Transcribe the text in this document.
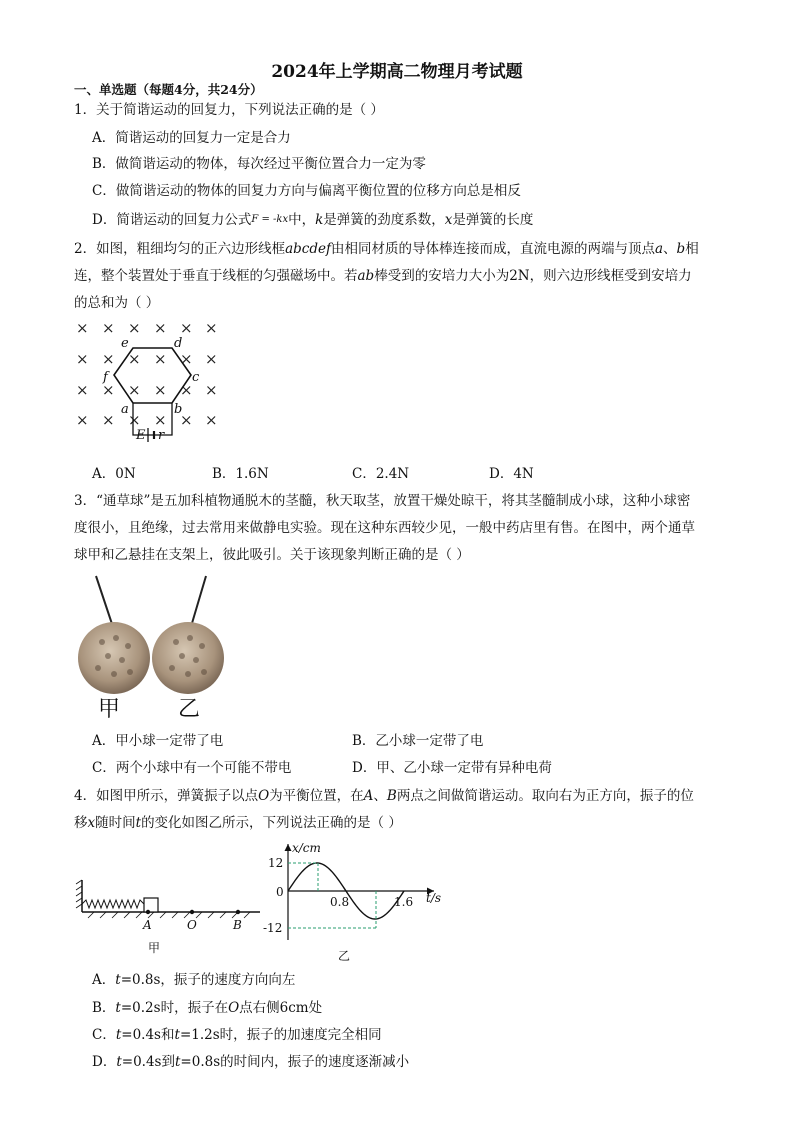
2024年上学期高二物理月考试题
一、单选题（每题4分，共24分）
1．关于简谐运动的回复力，下列说法正确的是（ ）
A．简谐运动的回复力一定是合力
B．做简谐运动的物体，每次经过平衡位置合力一定为零
C．做简谐运动的物体的回复力方向与偏离平衡位置的位移方向总是相反
D．简谐运动的回复力公式F = -kx中，k是弹簧的劲度系数，x是弹簧的长度
2．如图，粗细均匀的正六边形线框abcdef由相同材质的导体棒连接而成，直流电源的两端与顶点a、b相
连，整个装置处于垂直于线框的匀强磁场中。若ab棒受到的安培力大小为2N，则六边形线框受到安培力
的总和为（ ）
× × × × × ×
× × × × × ×
× × × × × ×
× × × × × ×
e	d
f	c
a	b
E r
A．0N	B．1.6N	C．2.4N	D．4N
3．“通草球”是五加科植物通脱木的茎髓，秋天取茎，放置干燥处晾干，将其茎髓制成小球，这种小球密
度很小，且绝缘，过去常用来做静电实验。现在这种东西较少见，一般中药店里有售。在图中，两个通草
球甲和乙悬挂在支架上，彼此吸引。关于该现象判断正确的是（ ）
甲	乙
A．甲小球一定带了电	B．乙小球一定带了电
C．两个小球中有一个可能不带电	D．甲、乙小球一定带有异种电荷
4．如图甲所示，弹簧振子以点O为平衡位置，在A、B两点之间做简谐运动。取向右为正方向，振子的位
移x随时间t的变化如图乙所示，下列说法正确的是（ ）
A	O	B
甲
x/cm
t/s
12
0
-12
0.8	1.6
乙
A．t=0.8s，振子的速度方向向左
B．t=0.2s时，振子在O点右侧6cm处
C．t=0.4s和t=1.2s时，振子的加速度完全相同
D．t=0.4s到t=0.8s的时间内，振子的速度逐渐减小
